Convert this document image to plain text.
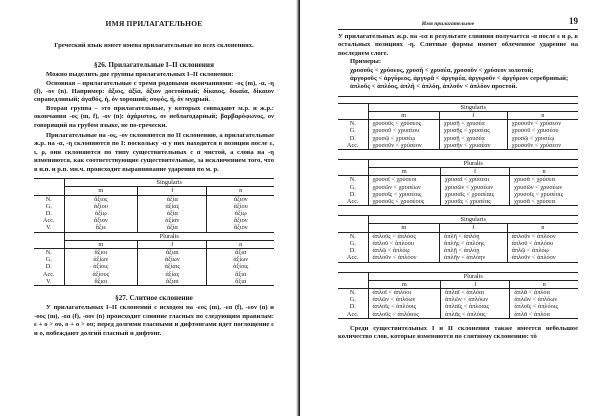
ИМЯ ПРИЛАГАТЕЛЬНОЕ
Греческий язык имеет имена прилагательные во всех склонениях.
§26. Прилагательные I–II склонения

Можно выделить две группы прилагательных I–II склонения:

Основная – прилагательные с тремя родовыми окончаниями: -ος (m), -α, -η (f), -ον (n). Например: ἄξιος, ἀξία, ἄξιον достойный; δίκαιος, δικαία, δίκαιον справедливый; ἀγαθός, ή, όν хороший; σοφός, ή, όν мудрый.

Вторая группа – это прилагательные, у которых совпадают м.р. и ж.р.: окончания -ος (m, f), -ον (n): ἀχάριστος, ον неблагодарный; βαρβαρόφωνος, ον говорящий на грубом языке, не по-гречески.

Прилагательные на -ος, -ον склоняются по II склонению, а прилагательные ж.р. на -α, -η склоняются по I: поскольку -α у них находится в позиции после ε, ι, ρ, они склоняются по типу существительных с α чистой, а слова на -η изменяются, как соответствующие существительные, за исключением того, что в и.п. и р.п. мн.ч. происходит выравнивание ударения по м. р.

	Singularis		
	m	f	n
N.	ἄξιος	ἀξία	ἄξιον
G.	ἀξίου	ἀξίας	ἀξίου
D.	ἀξίῳ	ἀξίᾳ	ἀξίῳ
Acc.	ἄξιον	ἀξίαν	ἄξιον
V.	ἄξιε	ἀξία	ἄξιον
	Pluralis		
	m	f	n
N.	ἄξιοι	ἄξιαι	ἄξια
G.	ἀξίων	ἀξίων	ἀξίων
D.	ἀξίοις	ἀξίαις	ἀξίοις
Acc.	ἀξίους	ἀξίας	ἄξια
V.	ἄξιοι	ἄξιαι	ἄξια
§27. Слитное склонение

У прилагательных I–II склонений с исходом на -εος (m), -εα (f), -εον (n) и -οος (m), -οα (f), -οον (n) происходит слияние гласных по следующим правилам: ε + ο > ου, ο + ο > ου; перед долгими гласными и дифтонгами идет поглощение ε и ο, побеждают долгий гласный и дифтонг.

Имя прилагательное	19

У прилагательных ж.р. на -εα в результате слияния получается -α после ε и ρ, в остальных позициях -η. Слитные формы имеют облеченное ударение на последнем слоге.

Примеры:
χρυσοῦς < χρύσεος, χρυσῆ < χρυσέα, χρυσοῦν < χρύσεον золотой;
ἀργυροῦς < ἀργύρεος, ἀργυρᾶ < ἀργυρέα, ἀργυροῦν < ἀργύρεον серебряный;
ἁπλοῦς < ἁπλόος, ἁπλῆ < ἁπλόη, ἁπλοῦν < ἁπλόον простой.
	Singularis		
	m	f	n
N.	χρυσοῦς < χρύσεος	χρυσῆ < χρυσέα	χρυσοῦν < χρύσεον
G.	χρυσοῦ < χρυσέου	χρυσῆς < χρυσέας	χρυσοῦ < χρυσέου
D.	χρυσῷ < χρυσέῳ	χρυσῇ < χρυσέᾳ	χρυσῷ < χρυσέῳ
Acc.	χρυσοῦν < χρύσεον	χρυσῆν < χρυσέαν	χρυσοῦν < χρύσεον
	Pluralis		
	m	f	n
N.	χρυσοῖ < χρύσεοι	χρυσαῖ < χρύσεαι	χρυσᾶ < χρύσεα
G.	χρυσῶν < χρυσέων	χρυσῶν < χρυσέων	χρυσῶν < χρυσέων
D.	χρυσοῖς < χρυσέοις	χρυσαῖς < χρυσέαις	χρυσοῖς < χρυσέοις
Acc.	χρυσοῦς < χρυσέους	χρυσᾶς < χρυσέας	χρυσᾶ < χρύσεα
	Singularis		
	m	f	n
N.	ἁπλοῦς < ἁπλόος	ἁπλῆ < ἁπλόη	ἁπλοῦν < ἁπλόον
G.	ἁπλοῦ < ἁπλόου	ἁπλῆς < ἁπλόης	ἁπλοῦ < ἁπλόου
D.	ἁπλῷ < ἁπλόῳ	ἁπλῇ < ἁπλόῃ	ἁπλῷ < ἁπλόῳ
Acc.	ἁπλοῦν < ἁπλόον	ἁπλῆν < ἁπλόην	ἁπλοῦν < ἁπλόον
	Pluralis		
	m	f	n
N.	ἁπλοῖ < ἁπλόοι	ἁπλαῖ < ἁπλόαι	ἁπλᾶ < ἁπλόα
G.	ἁπλῶν < ἁπλόων	ἁπλῶν < ἁπλόων	ἁπλῶν < ἁπλόων
D.	ἁπλοῖς < ἁπλόοις	ἁπλαῖς < ἁπλόαις	ἁπλοῖς < ἁπλόοις
Acc.	ἁπλοῦς < ἁπλόους	ἁπλᾶς < ἁπλόας	ἁπλᾶ < ἁπλόα

Среди существительных I и II склонения также имеется небольшое количество слов, которые изменяются по слитному склонению: τὸ
